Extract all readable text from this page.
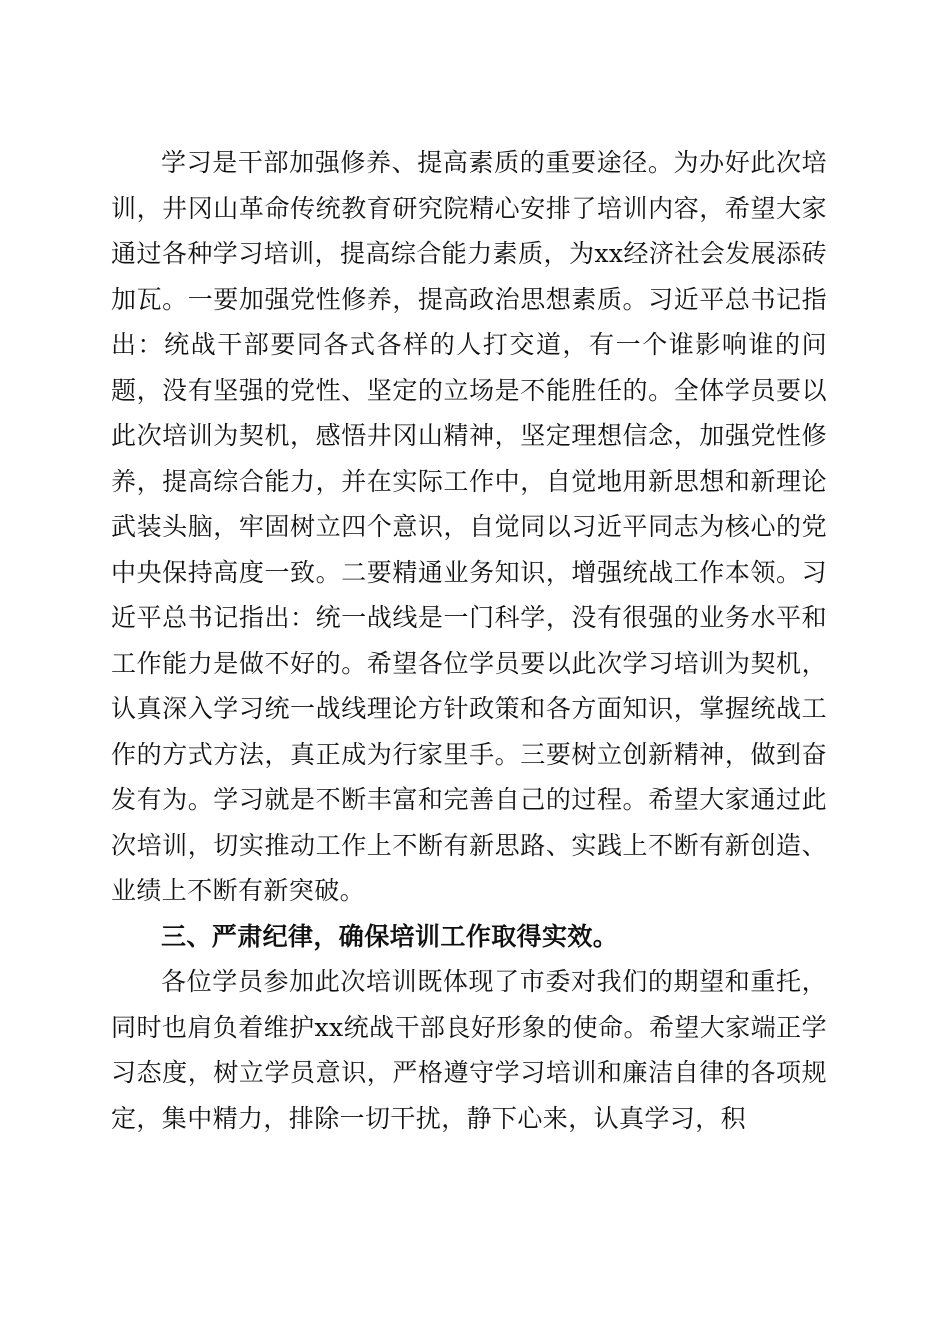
学习是干部加强修养、提高素质的重要途径。为办好此次培训，井冈山革命传统教育研究院精心安排了培训内容，希望大家通过各种学习培训，提高综合能力素质，为xx经济社会发展添砖加瓦。一要加强党性修养，提高政治思想素质。习近平总书记指出：统战干部要同各式各样的人打交道，有一个谁影响谁的问题，没有坚强的党性、坚定的立场是不能胜任的。全体学员要以此次培训为契机，感悟井冈山精神，坚定理想信念，加强党性修养，提高综合能力，并在实际工作中，自觉地用新思想和新理论武装头脑，牢固树立四个意识，自觉同以习近平同志为核心的党中央保持高度一致。二要精通业务知识，增强统战工作本领。习近平总书记指出：统一战线是一门科学，没有很强的业务水平和工作能力是做不好的。希望各位学员要以此次学习培训为契机，认真深入学习统一战线理论方针政策和各方面知识，掌握统战工作的方式方法，真正成为行家里手。三要树立创新精神，做到奋发有为。学习就是不断丰富和完善自己的过程。希望大家通过此次培训，切实推动工作上不断有新思路、实践上不断有新创造、业绩上不断有新突破。

三、严肃纪律，确保培训工作取得实效。

各位学员参加此次培训既体现了市委对我们的期望和重托，同时也肩负着维护xx统战干部良好形象的使命。希望大家端正学习态度，树立学员意识，严格遵守学习培训和廉洁自律的各项规定，集中精力，排除一切干扰，静下心来，认真学习，积
